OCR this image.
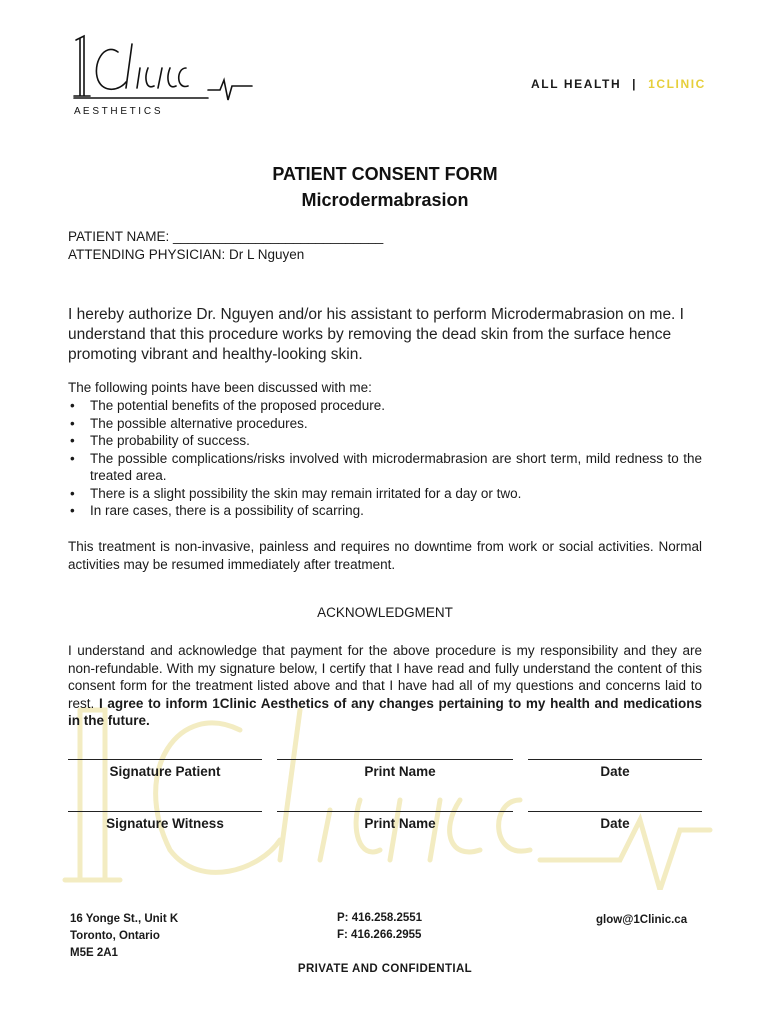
A E S T H E T I C S
ALL HEALTH | 1CLINIC
PATIENT CONSENT FORM
Microdermabrasion
PATIENT NAME: ____________________________
ATTENDING PHYSICIAN: Dr L Nguyen
I hereby authorize Dr. Nguyen and/or his assistant to perform Microdermabrasion on me. I understand that this procedure works by removing the dead skin from the surface hence promoting vibrant and healthy-looking skin.
The following points have been discussed with me:
• The potential benefits of the proposed procedure.
• The possible alternative procedures.
• The probability of success.
• The possible complications/risks involved with microdermabrasion are short term, mild redness to the treated area.
• There is a slight possibility the skin may remain irritated for a day or two.
• In rare cases, there is a possibility of scarring.
This treatment is non-invasive, painless and requires no downtime from work or social activities. Normal activities may be resumed immediately after treatment.
ACKNOWLEDGMENT
I understand and acknowledge that payment for the above procedure is my responsibility and they are non-refundable. With my signature below, I certify that I have read and fully understand the content of this consent form for the treatment listed above and that I have had all of my questions and concerns laid to rest. I agree to inform 1Clinic Aesthetics of any changes pertaining to my health and medications in the future.
Signature Patient	Print Name	Date
Signature Witness	Print Name	Date
16 Yonge St., Unit K
Toronto, Ontario
M5E 2A1
P: 416.258.2551
F: 416.266.2955
glow@1Clinic.ca
PRIVATE AND CONFIDENTIAL
